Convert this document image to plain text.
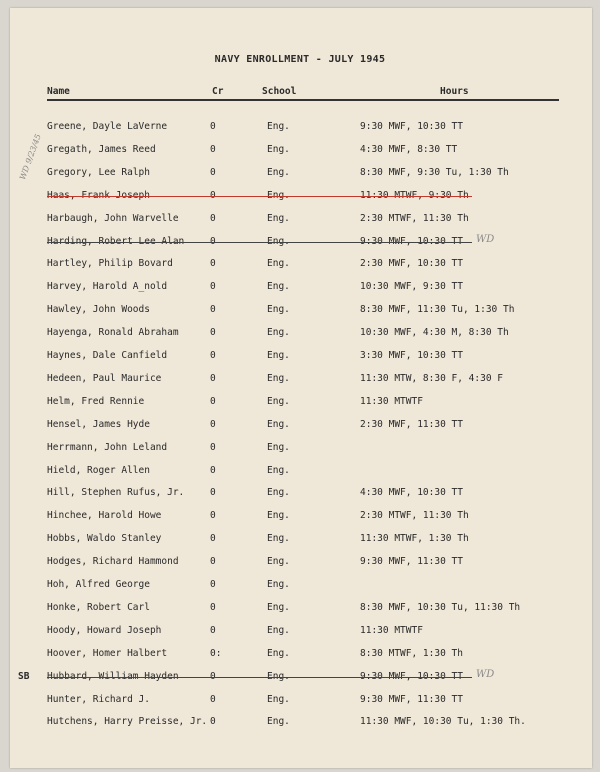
NAVY ENROLLMENT - JULY 1945
Name	Cr	School	Hours
Greene, Dayle LaVerne	0	Eng.	9:30 MWF, 10:30 TT
Gregath, James Reed	0	Eng.	4:30 MWF, 8:30 TT
Gregory, Lee Ralph	0	Eng.	8:30 MWF, 9:30 Tu, 1:30 Th
Haas, Frank Joseph	0	Eng.	11:30 MTWF, 9:30 Th
Harbaugh, John Warvelle	0	Eng.	2:30 MTWF, 11:30 Th
Harding, Robert Lee Alan	0	Eng.	9:30 MWF, 10:30 TT WD
Hartley, Philip Bovard	0	Eng.	2:30 MWF, 10:30 TT
Harvey, Harold A_nold	0	Eng.	10:30 MWF, 9:30 TT
Hawley, John Woods	0	Eng.	8:30 MWF, 11:30 Tu, 1:30 Th
Hayenga, Ronald Abraham	0	Eng.	10:30 MWF, 4:30 M, 8:30 Th
Haynes, Dale Canfield	0	Eng.	3:30 MWF, 10:30 TT
Hedeen, Paul Maurice	0	Eng.	11:30 MTW, 8:30 F, 4:30 F
Helm, Fred Rennie	0	Eng.	11:30 MTWTF
Hensel, James Hyde	0	Eng.	2:30 MWF, 11:30 TT
Herrmann, John Leland	0	Eng.
Hield, Roger Allen	0	Eng.
Hill, Stephen Rufus, Jr.	0	Eng.	4:30 MWF, 10:30 TT
Hinchee, Harold Howe	0	Eng.	2:30 MTWF, 11:30 Th
Hobbs, Waldo Stanley	0	Eng.	11:30 MTWF, 1:30 Th
Hodges, Richard Hammond	0	Eng.	9:30 MWF, 11:30 TT
Hoh, Alfred George	0	Eng.
Honke, Robert Carl	0	Eng.	8:30 MWF, 10:30 Tu, 11:30 Th
Hoody, Howard Joseph	0	Eng.	11:30 MTWTF
Hoover, Homer Halbert	0:	Eng.	8:30 MTWF, 1:30 Th
SB Hubbard, William Hayden	0	Eng.	9:30 MWF, 10:30 TT WD
Hunter, Richard J.	0	Eng.	9:30 MWF, 11:30 TT
Hutchens, Harry Preisse, Jr. 0	Eng.	11:30 MWF, 10:30 Tu, 1:30 Th.
WD 9/23/45
